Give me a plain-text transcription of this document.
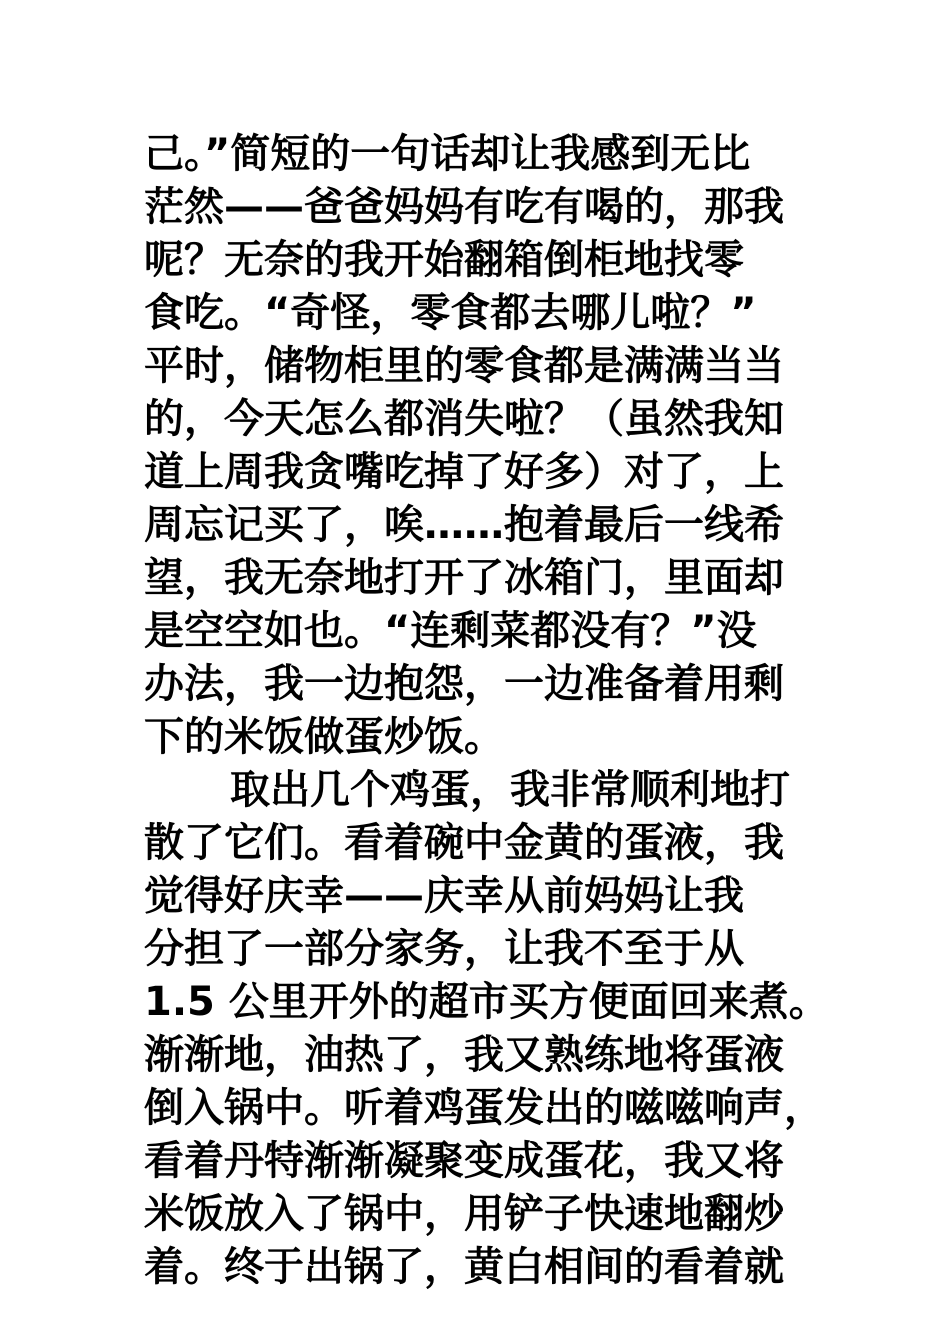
己。”简短的一句话却让我感到无比
茫然——爸爸妈妈有吃有喝的，那我
呢？无奈的我开始翻箱倒柜地找零
食吃。“奇怪，零食都去哪儿啦？”
平时，储物柜里的零食都是满满当当
的，今天怎么都消失啦？（虽然我知
道上周我贪嘴吃掉了好多）对了，上
周忘记买了，唉……抱着最后一线希
望，我无奈地打开了冰箱门，里面却
是空空如也。“连剩菜都没有？”没
办法，我一边抱怨，一边准备着用剩
下的米饭做蛋炒饭。
取出几个鸡蛋，我非常顺利地打
散了它们。看着碗中金黄的蛋液，我
觉得好庆幸——庆幸从前妈妈让我
分担了一部分家务，让我不至于从
1.5 公里开外的超市买方便面回来煮。
渐渐地，油热了，我又熟练地将蛋液
倒入锅中。听着鸡蛋发出的嗞嗞响声，
看着丹特渐渐凝聚变成蛋花，我又将
米饭放入了锅中，用铲子快速地翻炒
着。终于出锅了，黄白相间的看着就
